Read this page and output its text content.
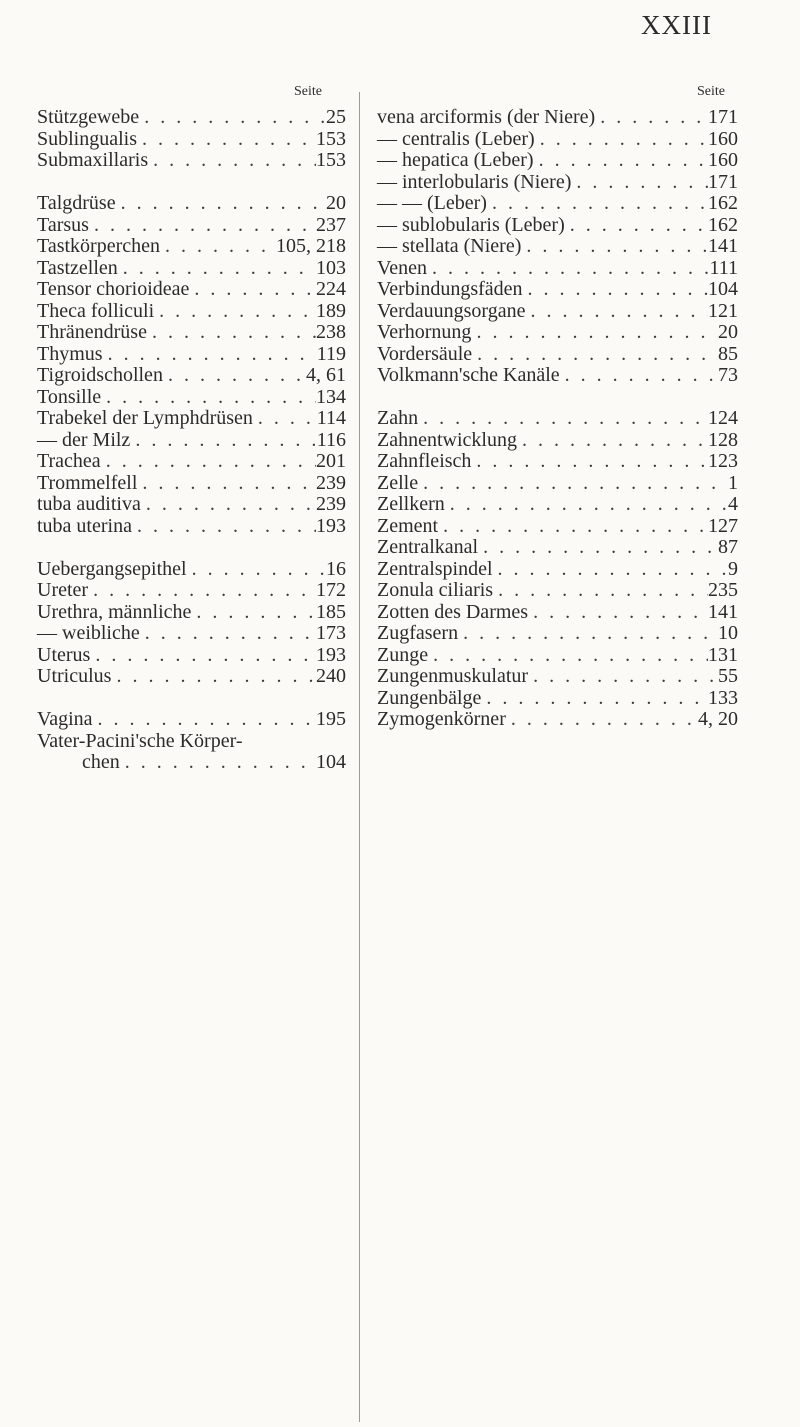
XXIII
Seite	Seite
Stützgewebe . . .	25
Sublingualis . . .	153
Submaxillaris . . .	153
Talgdrüse . . .	20
Tarsus . . .	237
Tastkörperchen . . .	105, 218
Tastzellen . . .	103
Tensor chorioideae . . .	224
Theca folliculi . . .	189
Thränendrüse . . .	238
Thymus . . .	119
Tigroidschollen . . .	4, 61
Tonsille . . .	134
Trabekel der Lymphdrüsen . . .	114
— der Milz . . .	116
Trachea . . .	201
Trommelfell . . .	239
tuba auditiva . . .	239
tuba uterina . . .	193
Uebergangsepithel . . .	16
Ureter . . .	172
Urethra, männliche . . .	185
— weibliche . . .	173
Uterus . . .	193
Utriculus . . .	240
Vagina . . .	195
Vater-Pacini'sche Körper-
chen . . .	104
vena arciformis (der Niere) . . .	171
— centralis (Leber) . . .	160
— hepatica (Leber) . . .	160
— interlobularis (Niere) . . .	171
— — (Leber) . . .	162
— sublobularis (Leber) . . .	162
— stellata (Niere) . . .	141
Venen . . .	111
Verbindungsfäden . . .	104
Verdauungsorgane . . .	121
Verhornung . . .	20
Vordersäule . . .	85
Volkmann'sche Kanäle . . .	73
Zahn . . .	124
Zahnentwicklung . . .	128
Zahnfleisch . . .	123
Zelle . . .	1
Zellkern . . .	4
Zement . . .	127
Zentralkanal . . .	87
Zentralspindel . . .	9
Zonula ciliaris . . .	235
Zotten des Darmes . . .	141
Zugfasern . . .	10
Zunge . . .	131
Zungenmuskulatur . . .	55
Zungenbälge . . .	133
Zymogenkörner . . .	4, 20
